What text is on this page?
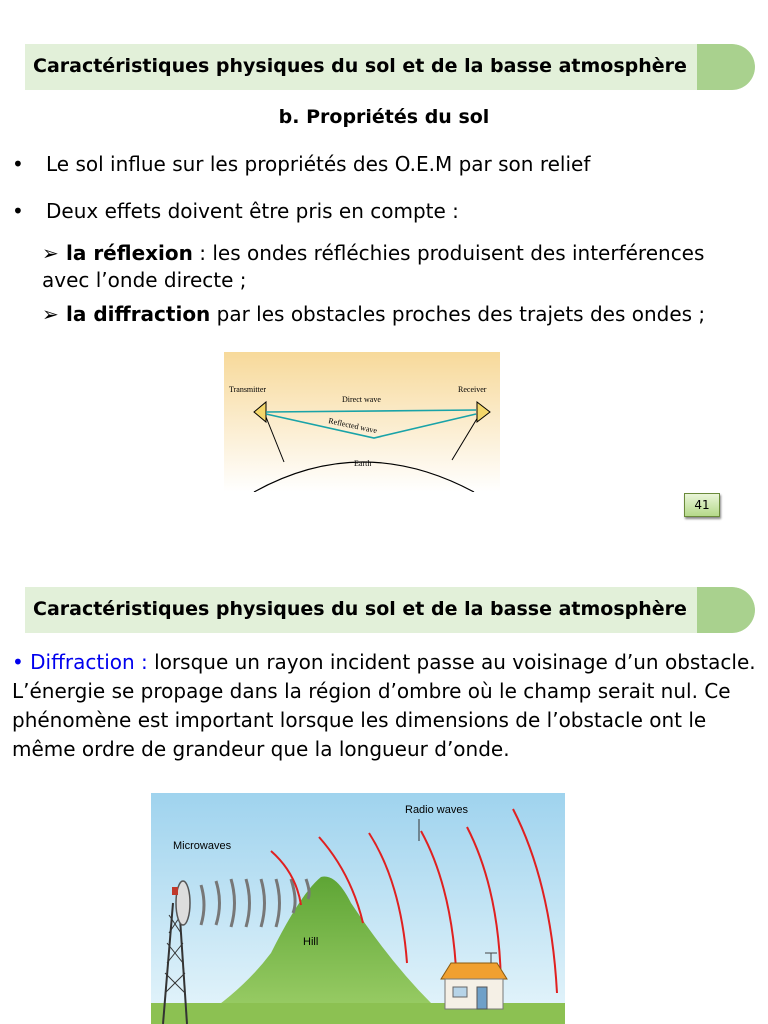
Caractéristiques physiques du sol et de la basse atmosphère
b. Propriétés du sol
• Le sol influe sur les propriétés des O.E.M par son relief
• Deux effets doivent être pris en compte :
➢ la réflexion : les ondes réfléchies produisent des interférences avec l’onde directe ;
➢ la diffraction par les obstacles proches des trajets des ondes ;
Transmitter	Receiver
Direct wave
Reflected wave
Earth
41
Caractéristiques physiques du sol et de la basse atmosphère
• Diffraction : lorsque un rayon incident passe au voisinage d’un obstacle. L’énergie se propage dans la région d’ombre où le champ serait nul. Ce phénomène est important lorsque les dimensions de l’obstacle ont le même ordre de grandeur que la longueur d’onde.
Radio waves
Microwaves
Hill
